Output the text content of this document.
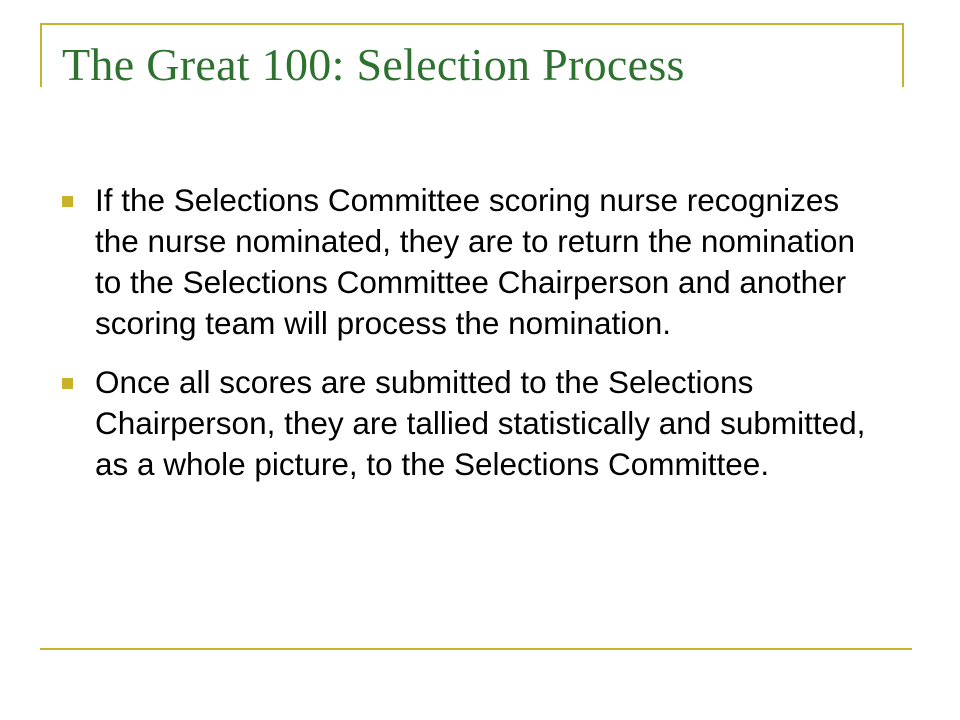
The Great 100: Selection Process
If the Selections Committee scoring nurse recognizes the nurse nominated, they are to return the nomination to the Selections Committee Chairperson and another scoring team will process the nomination.
Once all scores are submitted to the Selections Chairperson, they are tallied statistically and submitted, as a whole picture, to the Selections Committee.
